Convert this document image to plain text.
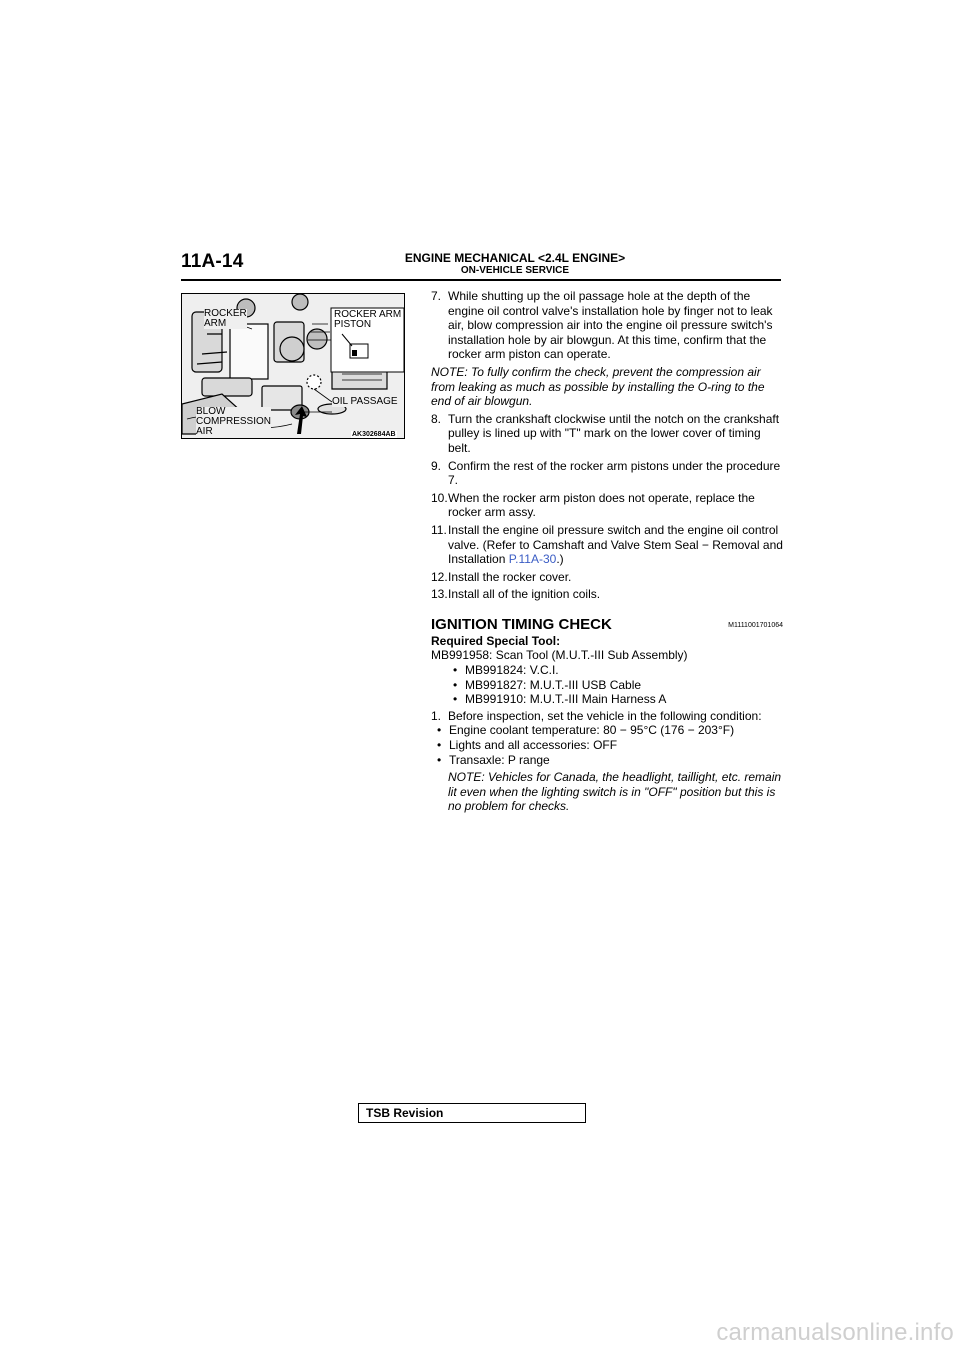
11A-14	ENGINE MECHANICAL <2.4L ENGINE>
ON-VEHICLE SERVICE
ROCKER
ARM
ROCKER ARM
PISTON
OIL PASSAGE
BLOW
COMPRESSION
AIR	AK302684AB
7. While shutting up the oil passage hole at the depth of the engine oil control valve's installation hole by finger not to leak air, blow compression air into the engine oil pressure switch's installation hole by air blowgun. At this time, confirm that the rocker arm piston can operate.
NOTE: To fully confirm the check, prevent the compression air from leaking as much as possible by installing the O-ring to the end of air blowgun.
8. Turn the crankshaft clockwise until the notch on the crankshaft pulley is lined up with "T" mark on the lower cover of timing belt.
9. Confirm the rest of the rocker arm pistons under the procedure 7.
10. When the rocker arm piston does not operate, replace the rocker arm assy.
11. Install the engine oil pressure switch and the engine oil control valve. (Refer to Camshaft and Valve Stem Seal − Removal and Installation P.11A-30.)
12. Install the rocker cover.
13. Install all of the ignition coils.
IGNITION TIMING CHECK	M1111001701064
Required Special Tool:
MB991958: Scan Tool (M.U.T.-III Sub Assembly)
• MB991824: V.C.I.
• MB991827: M.U.T.-III USB Cable
• MB991910: M.U.T.-III Main Harness A
1. Before inspection, set the vehicle in the following condition:
• Engine coolant temperature: 80 − 95°C (176 − 203°F)
• Lights and all accessories: OFF
• Transaxle: P range
NOTE: Vehicles for Canada, the headlight, taillight, etc. remain lit even when the lighting switch is in "OFF" position but this is no problem for checks.
TSB Revision
carmanualsonline.info
